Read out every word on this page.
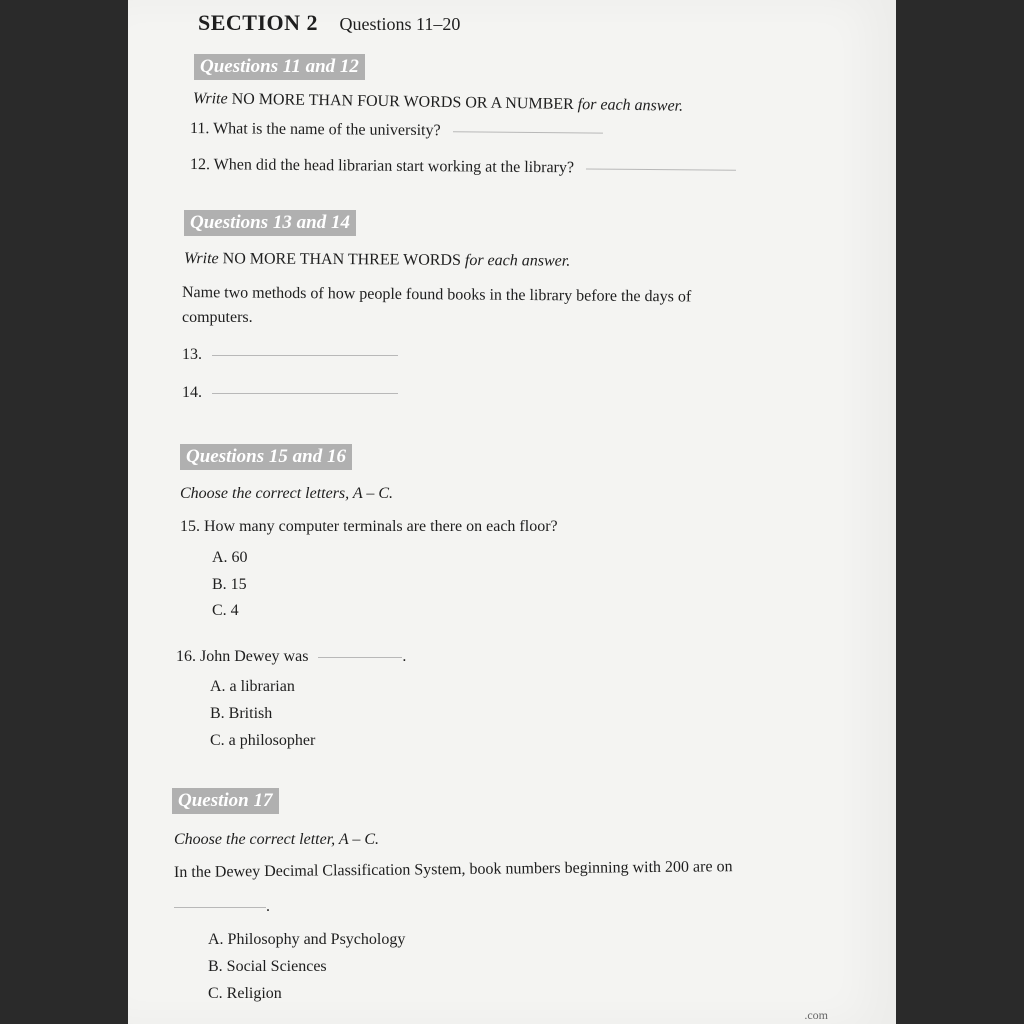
SECTION 2 Questions 11–20
Questions 11 and 12
Write NO MORE THAN FOUR WORDS OR A NUMBER for each answer.
11. What is the name of the university?
12. When did the head librarian start working at the library?
Questions 13 and 14
Write NO MORE THAN THREE WORDS for each answer.
Name two methods of how people found books in the library before the days of
computers.
13.
14.
Questions 15 and 16
Choose the correct letters, A – C.
15. How many computer terminals are there on each floor?
A. 60
B. 15
C. 4
16. John Dewey was	.
A. a librarian
B. British
C. a philosopher
Question 17
Choose the correct letter, A – C.
In the Dewey Decimal Classification System, book numbers beginning with 200 are on
.
A. Philosophy and Psychology
B. Social Sciences
C. Religion
.com
